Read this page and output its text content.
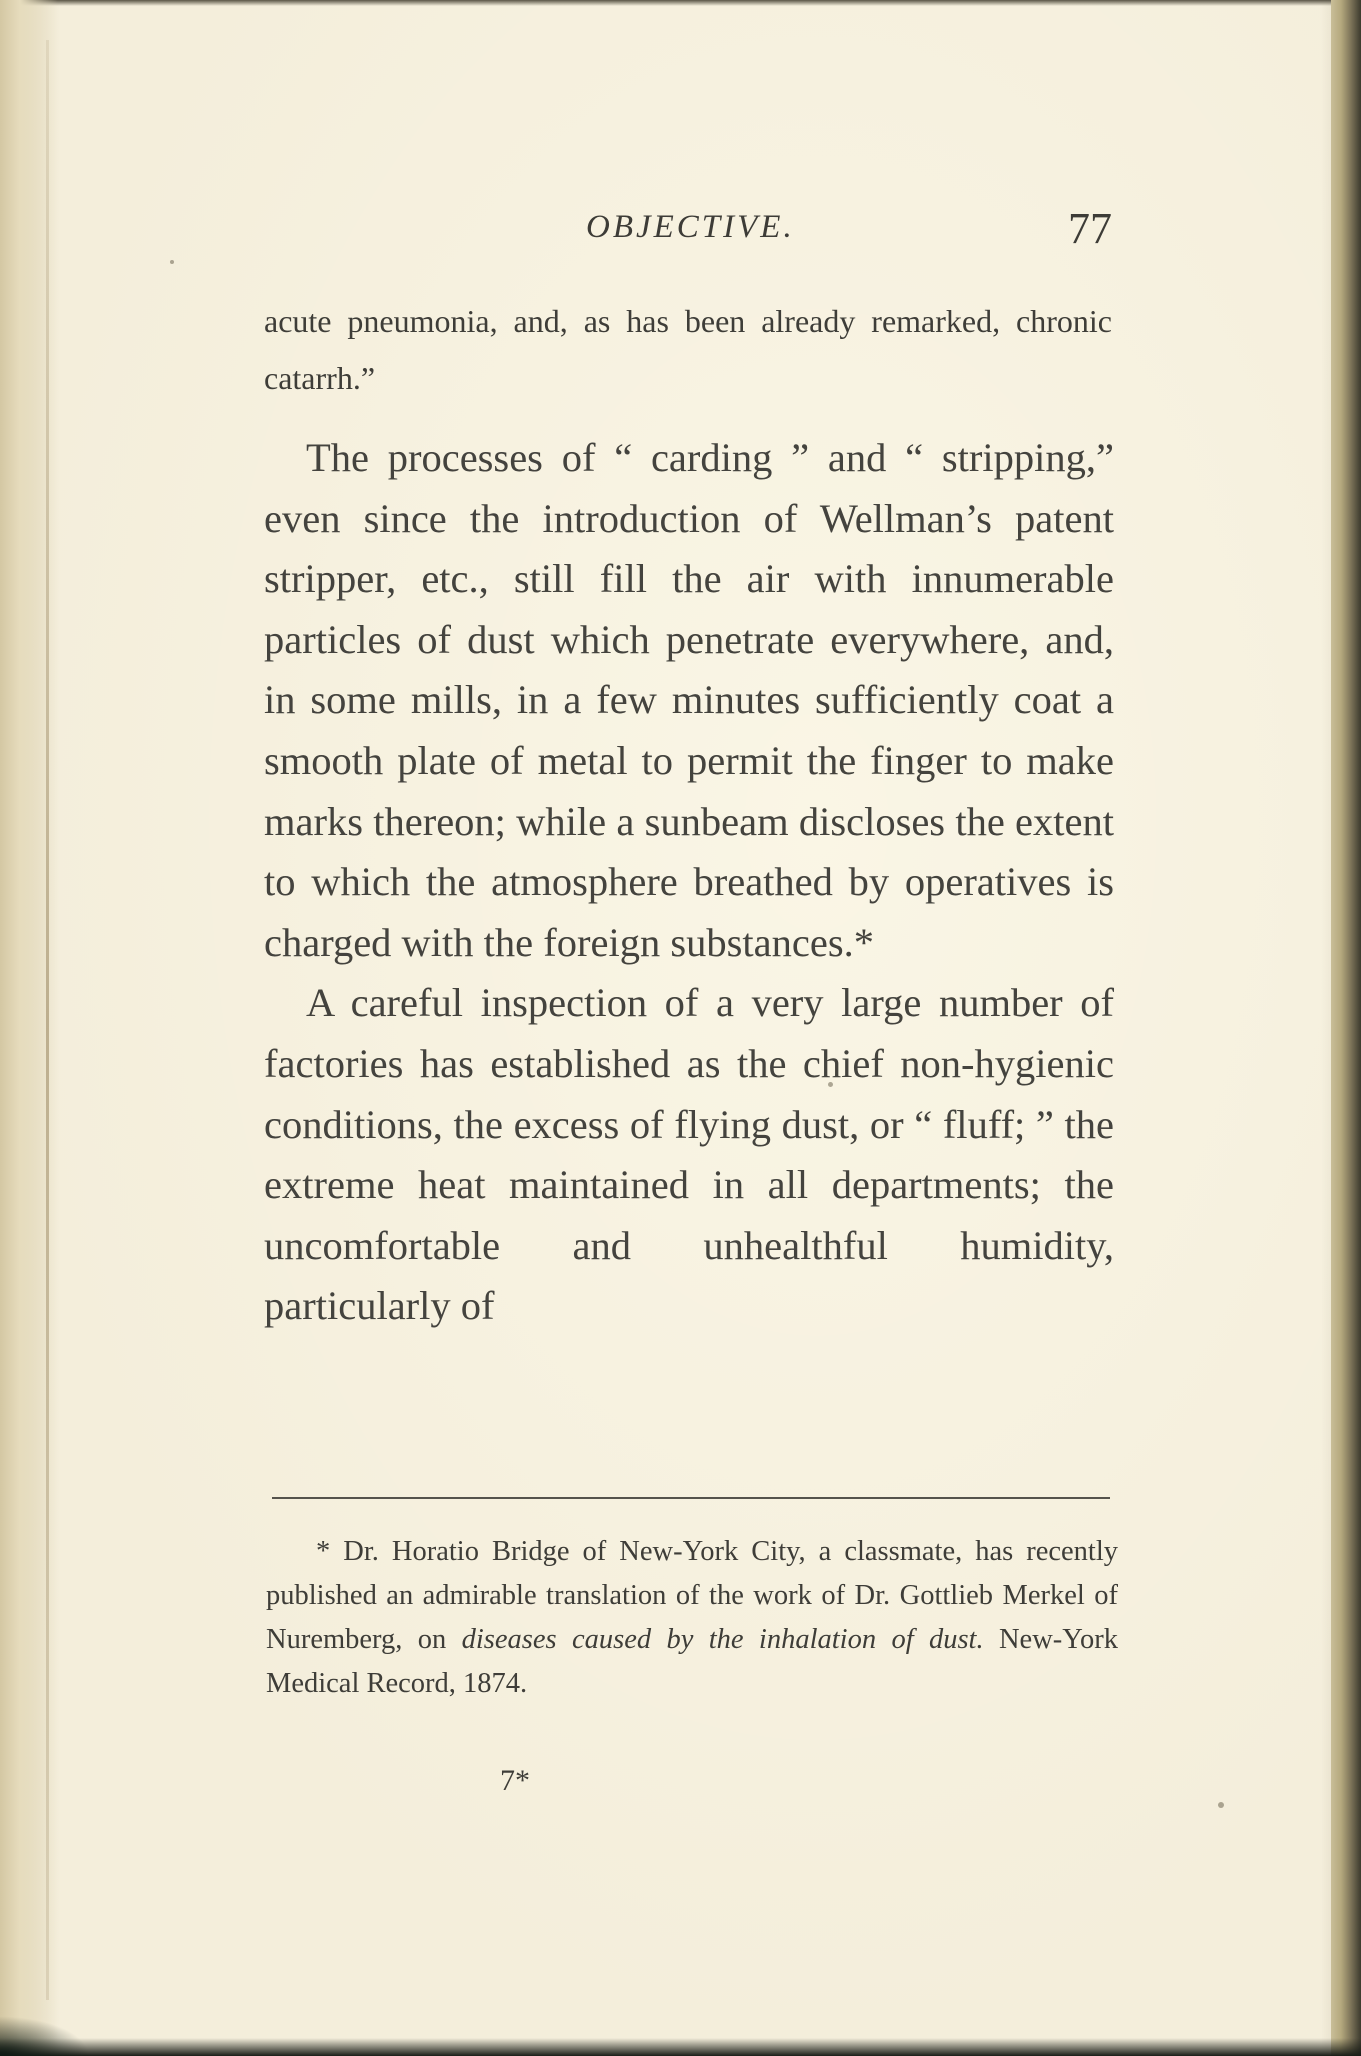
OBJECTIVE.	77

acute pneumonia, and, as has been already remarked, chronic catarrh.”

The processes of “ carding ” and “ stripping,” even since the introduction of Wellman’s patent stripper, etc., still fill the air with innumerable particles of dust which penetrate everywhere, and, in some mills, in a few minutes sufficiently coat a smooth plate of metal to permit the finger to make marks thereon; while a sunbeam discloses the extent to which the atmosphere breathed by operatives is charged with the foreign substances.*

A careful inspection of a very large number of factories has established as the chief non-hygienic conditions, the excess of flying dust, or “ fluff; ” the extreme heat maintained in all departments; the uncomfortable and unhealthful humidity, particularly of

* Dr. Horatio Bridge of New-York City, a classmate, has recently published an admirable translation of the work of Dr. Gottlieb Merkel of Nuremberg, on diseases caused by the inhalation of dust. New-York Medical Record, 1874.

7*
